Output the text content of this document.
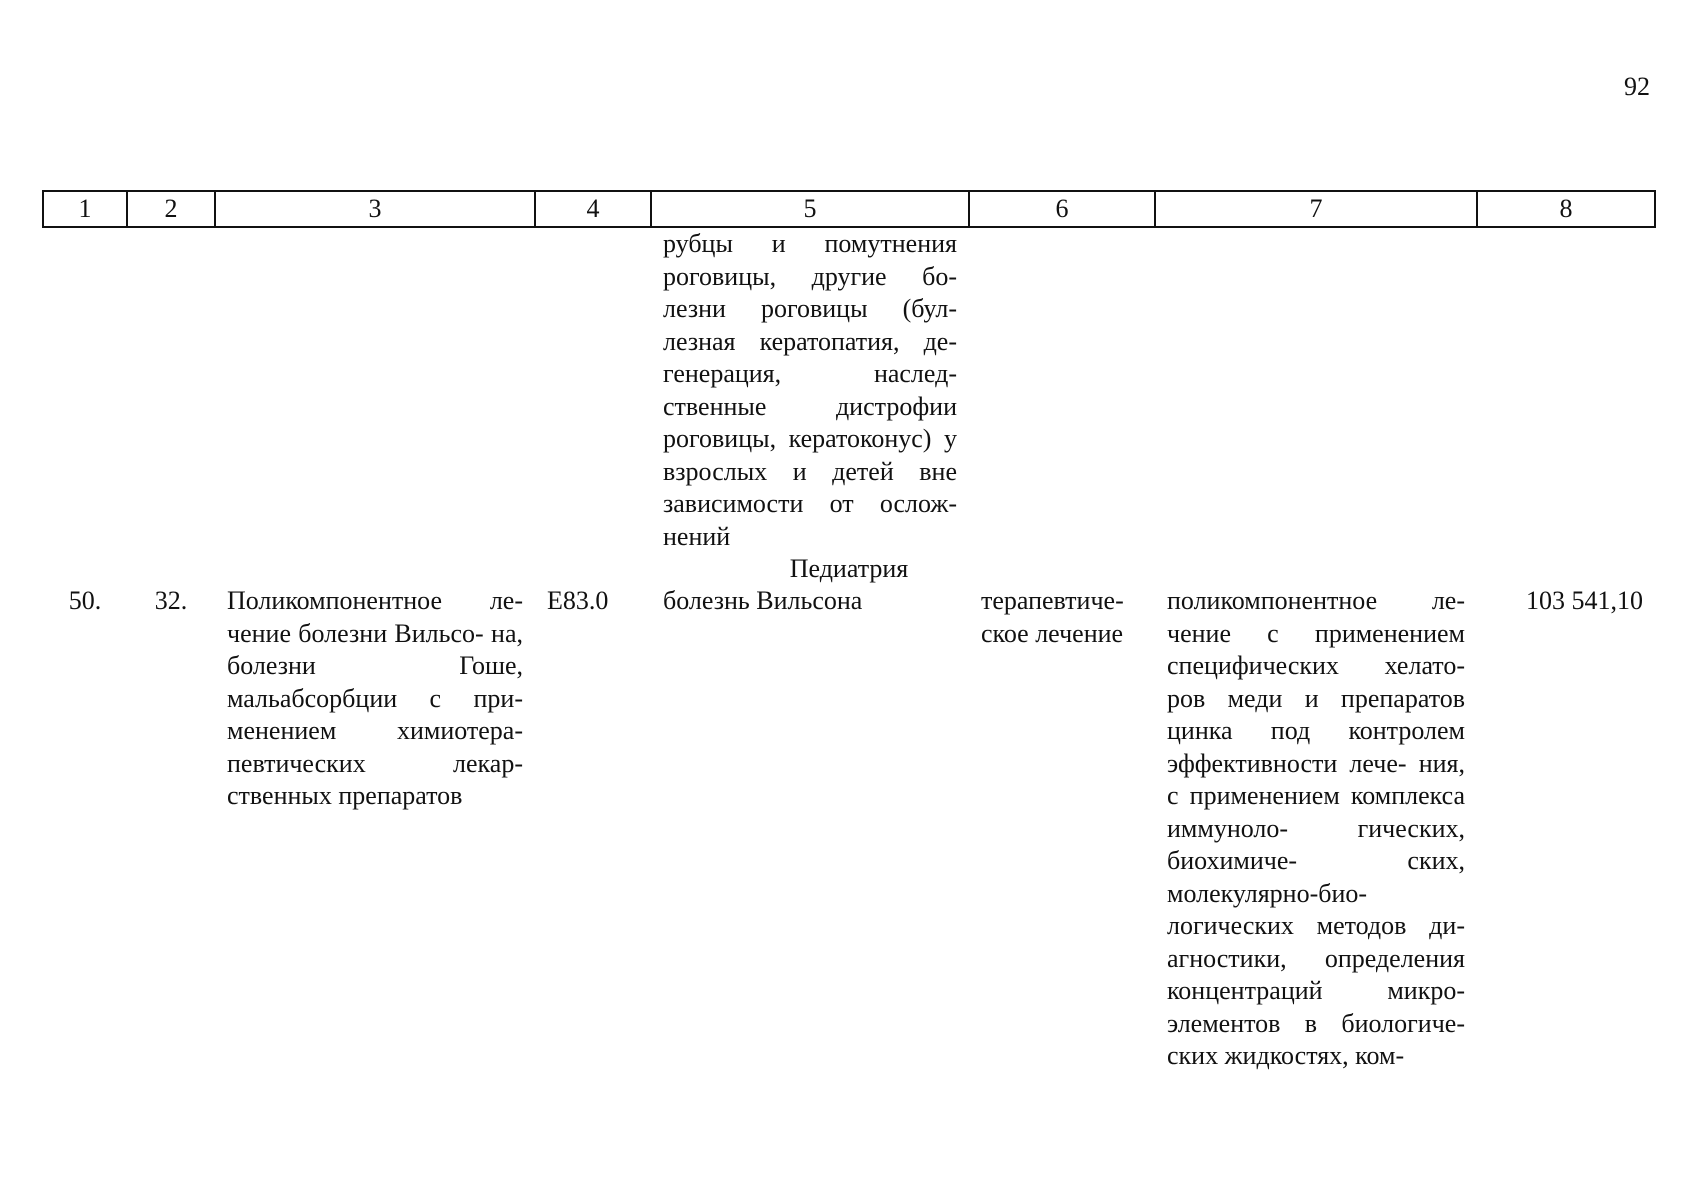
92
1	2	3	4	5	6	7	8
				рубцы и помутнения роговицы, другие бо- лезни роговицы (бул- лезная кератопатия, де- генерация, наслед- ственные дистрофии роговицы, кератоконус) у взрослых и детей вне зависимости от ослож- нений			
Педиатрия							
50.	32.	Поликомпонентное ле- чение болезни Вильсо- на, болезни Гоше, мальабсорбции с при- менением химиотера- певтических лекар- ственных препаратов	E83.0	болезнь Вильсона	терапевтиче- ское лечение	поликомпонентное ле- чение с применением специфических хелато- ров меди и препаратов цинка под контролем эффективности лече- ния, с применением комплекса иммуноло- гических, биохимиче- ских, молекулярно-био- логических методов ди- агностики, определения концентраций микро- элементов в биологиче- ских жидкостях, ком-	103 541,10
